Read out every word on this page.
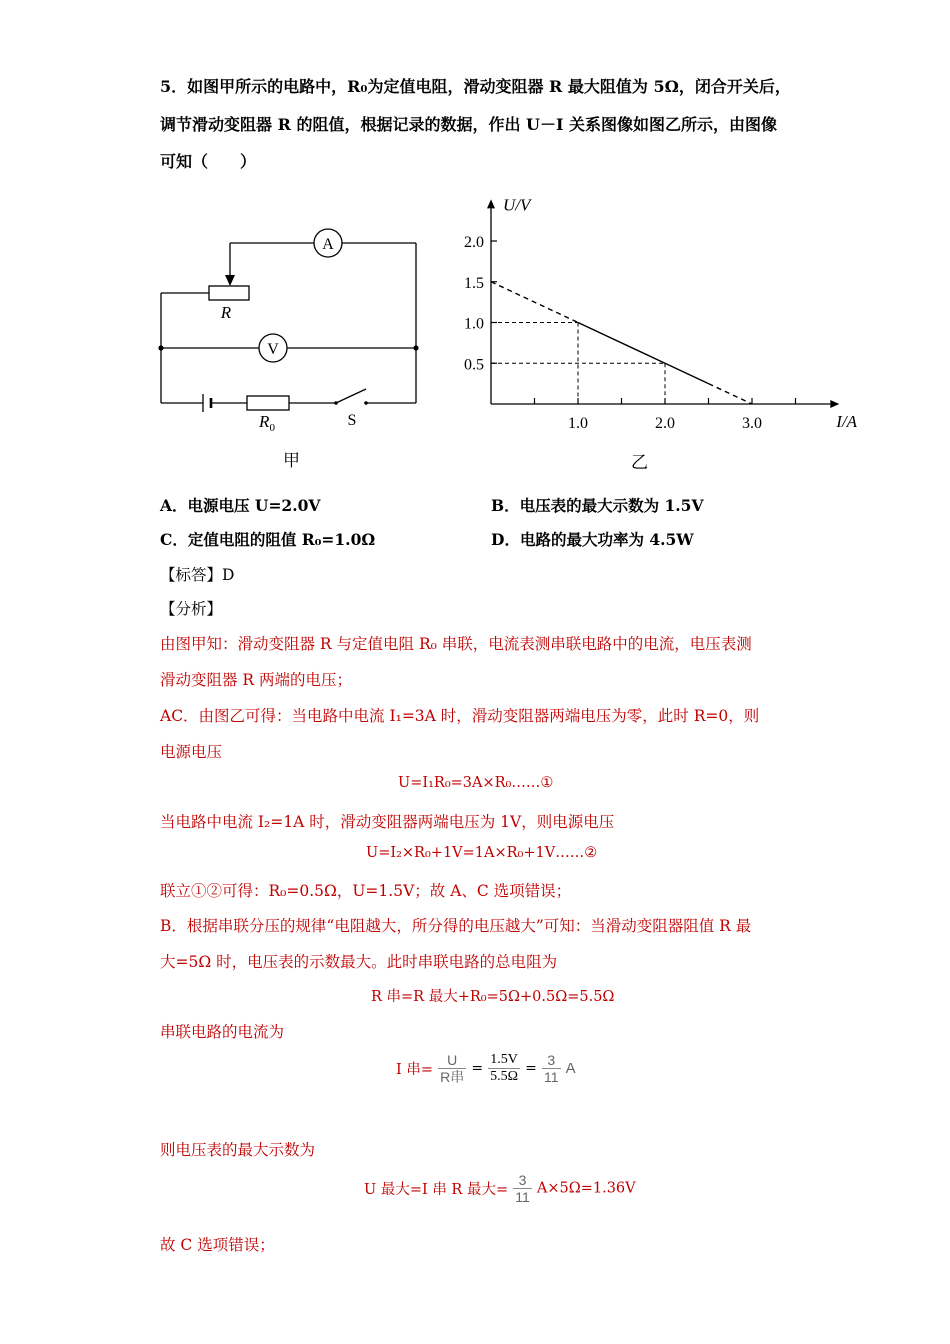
5．如图甲所示的电路中，R₀为定值电阻，滑动变阻器 R 最大阻值为 5Ω，闭合开关后，
调节滑动变阻器 R 的阻值，根据记录的数据，作出 U－I 关系图像如图乙所示，由图像
可知（　　）
A
V
R
$R_0$	S
甲
U/V
I/A
1.0	2.0	3.0
0.5
1.0
1.5
2.0
乙
A．电源电压 U=2.0V	B．电压表的最大示数为 1.5V
C．定值电阻的阻值 R₀=1.0Ω	D．电路的最大功率为 4.5W
【标答】D
【分析】
由图甲知：滑动变阻器 R 与定值电阻 R₀ 串联，电流表测串联电路中的电流，电压表测
滑动变阻器 R 两端的电压；
AC．由图乙可得：当电路中电流 I₁=3A 时，滑动变阻器两端电压为零，此时 R=0，则
电源电压
U=I₁R₀=3A×R₀……①
当电路中电流 I₂=1A 时，滑动变阻器两端电压为 1V，则电源电压
U=I₂×R₀+1V=1A×R₀+1V……②
联立①②可得：R₀=0.5Ω，U=1.5V；故 A、C 选项错误；
B．根据串联分压的规律“电阻越大，所分得的电压越大”可知：当滑动变阻器阻值 R 最
大=5Ω 时，电压表的示数最大。此时串联电路的总电阻为
R 串=R 最大+R₀=5Ω+0.5Ω=5.5Ω
串联电路的电流为
I 串= $\frac{U}{\text{R串}} = \frac{1.5V}{5.5\Omega} = \frac{3}{11}$ A
则电压表的最大示数为
U 最大=I 串 R 最大= $\frac{3}{11} A\times 5\Omega=1.36V$
故 C 选项错误；
